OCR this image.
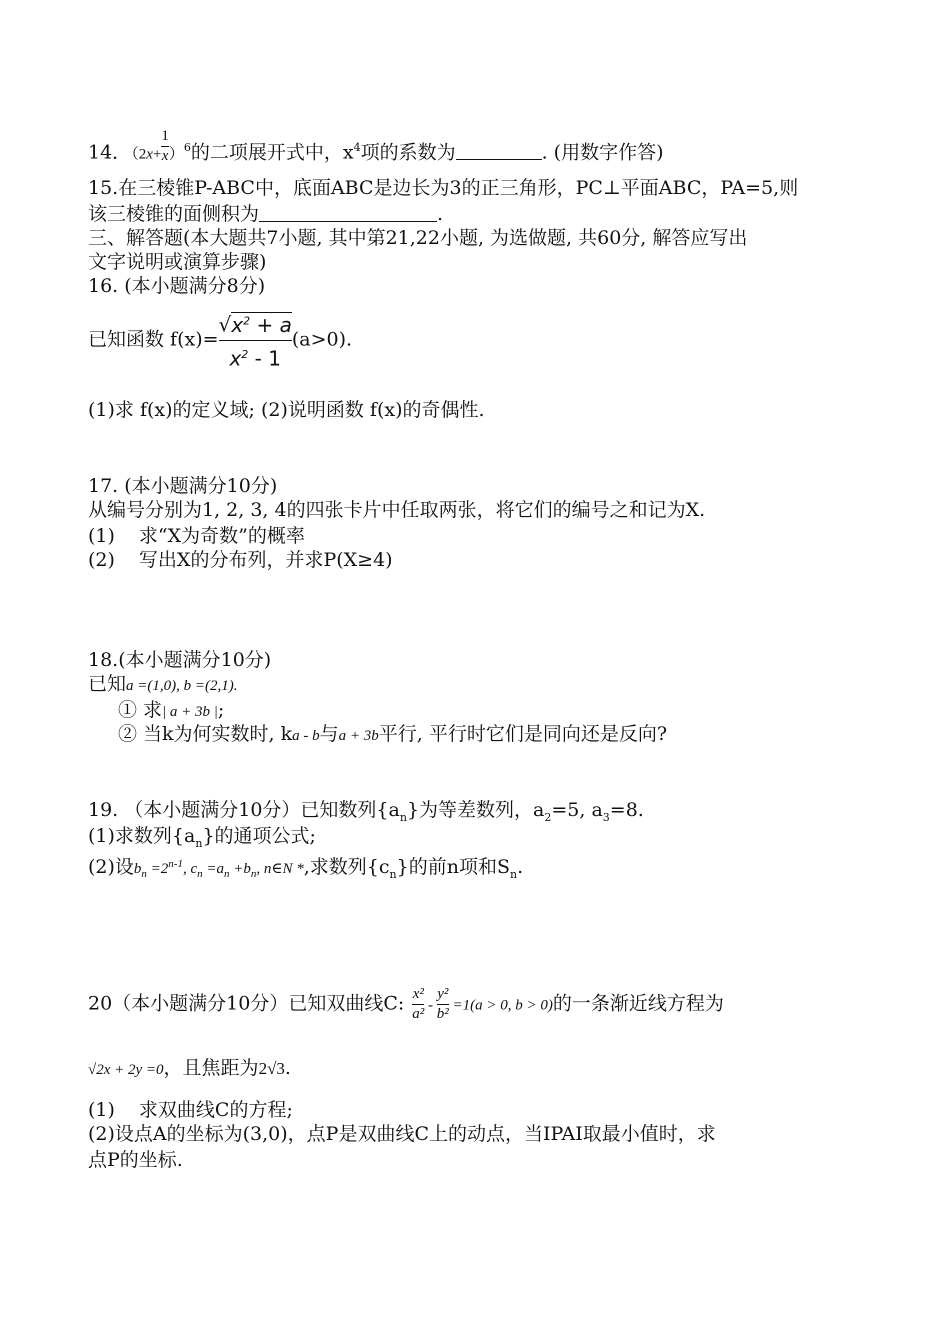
14．$(2x+ \frac{1}{x} )^6$的二项展开式中，$x^4$项的系数为	. (用数字作答)
15.在三棱锥P-ABC中，底面ABC是边长为3的正三角形，PC⊥平面ABC，PA=5,则
该三棱锥的面侧积为	.
三、解答题(本大题共7小题, 其中第21,22小题, 为选做题, 共60分, 解答应写出
文字说明或演算步骤)
16. (本小题满分8分)
已知函数 $f(x)= \frac{√x^2 + a}{x^2 - 1} (a>0)$.
(1)求 f(x)的定义域; (2)说明函数 f(x)的奇偶性.
17. (本小题满分10分)
从编号分别为1, 2, 3, 4的四张卡片中任取两张，将它们的编号之和记为X.
(1) 求“X为奇数”的概率
(2) 写出X的分布列，并求P(X≥4)
18.(本小题满分10分)
已知a =(1,0), b =(2,1).
① 求| a + 3b |;
② 当k为何实数时, ka - b与a + 3b平行, 平行时它们是同向还是反向?
19. （本小题满分10分）已知数列$\{a_n\}$为等差数列，$a_2=5$, $a_3=8$.
(1)求数列$\{a_n\}$的通项公式;
(2)设$b_n =2^{n-1}$, $c_n =a_n +b_n$, n∈N *,求数列$\{c_n\}$的前n项和$S_n$.
20（本小题满分10分）已知双曲线C: $\frac{\text{x²}}{\text{a²}} - \frac{\text{y²}}{\text{b²}} =1(a > 0$, b > 0)的一条渐近线方程为
√2x + 2y =0，且焦距为2√3.
(1) 求双曲线C的方程;
(2)设点A的坐标为(3,0)，点P是双曲线C上的动点，当ⅠPAⅠ取最小值时，求
点P的坐标.
